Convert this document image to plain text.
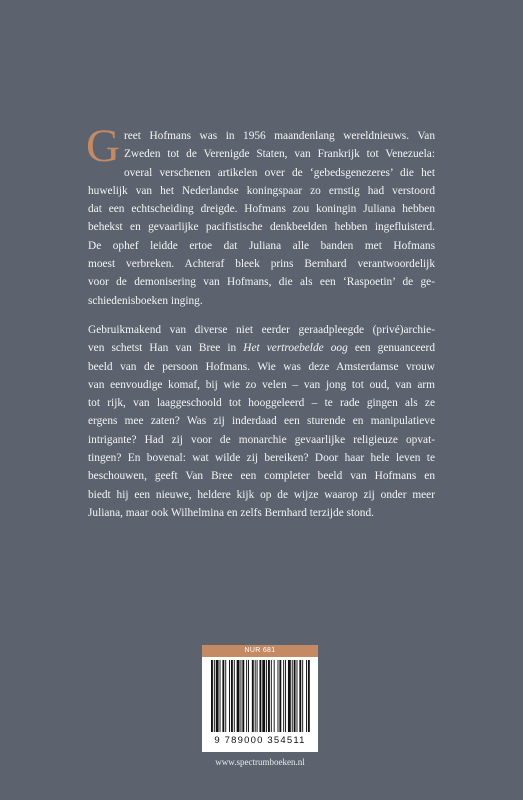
G reet Hofmans was in 1956 maandenlang wereldnieuws. Van
Zweden tot de Verenigde Staten, van Frankrijk tot Venezuela:
overal verschenen artikelen over de ‘gebedsgenezeres’ die het
huwelijk van het Nederlandse koningspaar zo ernstig had verstoord
dat een echtscheiding dreigde. Hofmans zou koningin Juliana hebben
behekst en gevaarlijke pacifistische denkbeelden hebben ingefluisterd.
De ophef leidde ertoe dat Juliana alle banden met Hofmans
moest verbreken. Achteraf bleek prins Bernhard verantwoordelijk
voor de demonisering van Hofmans, die als een ‘Raspoetin’ de ge-
schiedenisboeken inging.
Gebruikmakend van diverse niet eerder geraadpleegde (privé)archie-
ven schetst Han van Bree in Het vertroebelde oog een genuanceerd
beeld van de persoon Hofmans. Wie was deze Amsterdamse vrouw
van eenvoudige komaf, bij wie zo velen – van jong tot oud, van arm
tot rijk, van laaggeschoold tot hooggeleerd – te rade gingen als ze
ergens mee zaten? Was zij inderdaad een sturende en manipulatieve
intrigante? Had zij voor de monarchie gevaarlijke religieuze opvat-
tingen? En bovenal: wat wilde zij bereiken? Door haar hele leven te
beschouwen, geeft Van Bree een completer beeld van Hofmans en
biedt hij een nieuwe, heldere kijk op de wijze waarop zij onder meer
Juliana, maar ook Wilhelmina en zelfs Bernhard terzijde stond.
NUR 681
9 789000 354511
www.spectrumboeken.nl
